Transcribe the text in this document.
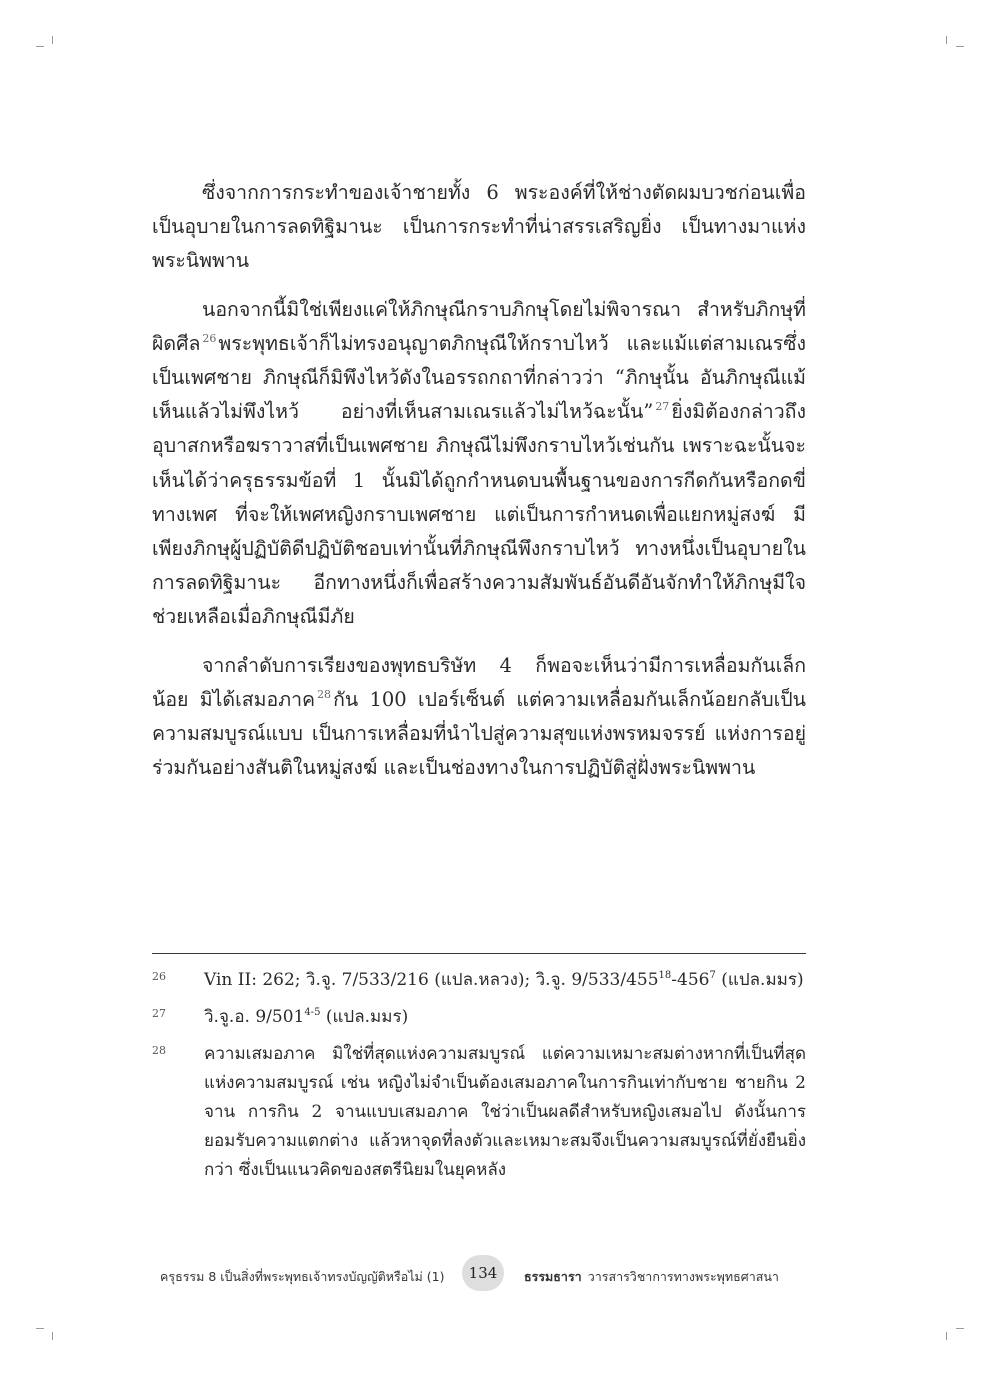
ซึ่งจากการกระทำของเจ้าชายทั้ง 6 พระองค์ที่ให้ช่างตัดผมบวชก่อนเพื่อเป็นอุบายในการลดทิฐิมานะ เป็นการกระทำที่น่าสรรเสริญยิ่ง เป็นทางมาแห่งพระนิพพาน

นอกจากนี้มิใช่เพียงแค่ให้ภิกษุณีกราบภิกษุโดยไม่พิจารณา สำหรับภิกษุที่ผิดศีล $^{26}$ พระพุทธเจ้าก็ไม่ทรงอนุญาตภิกษุณีให้กราบไหว้ และแม้แต่สามเณรซึ่งเป็นเพศชาย ภิกษุณีก็มิพึงไหว้ดังในอรรถกถาที่กล่าวว่า “ภิกษุนั้น อันภิกษุณีแม้เห็นแล้วไม่พึงไหว้ อย่างที่เห็นสามเณรแล้วไม่ไหว้ฉะนั้น” $^{27}$ ยิ่งมิต้องกล่าวถึงอุบาสกหรือฆราวาสที่เป็นเพศชาย ภิกษุณีไม่พึงกราบไหว้เช่นกัน เพราะฉะนั้นจะเห็นได้ว่าครุธรรมข้อที่ 1 นั้นมิได้ถูกกำหนดบนพื้นฐานของการกีดกันหรือกดขี่ทางเพศ ที่จะให้เพศหญิงกราบเพศชาย แต่เป็นการกำหนดเพื่อแยกหมู่สงฆ์ มีเพียงภิกษุผู้ปฏิบัติดีปฏิบัติชอบเท่านั้นที่ภิกษุณีพึงกราบไหว้ ทางหนึ่งเป็นอุบายในการลดทิฐิมานะ อีกทางหนึ่งก็เพื่อสร้างความสัมพันธ์อันดีอันจักทำให้ภิกษุมีใจช่วยเหลือเมื่อภิกษุณีมีภัย

จากลำดับการเรียงของพุทธบริษัท 4 ก็พอจะเห็นว่ามีการเหลื่อมกันเล็กน้อย มิได้เสมอภาค $^{28}$ กัน 100 เปอร์เซ็นต์ แต่ความเหลื่อมกันเล็กน้อยกลับเป็นความสมบูรณ์แบบ เป็นการเหลื่อมที่นำไปสู่ความสุขแห่งพรหมจรรย์ แห่งการอยู่ร่วมกันอย่างสันติในหมู่สงฆ์ และเป็นช่องทางในการปฏิบัติสู่ฝั่งพระนิพพาน

26 Vin II: 262; วิ.จู. 7/533/216 (แปล.หลวง); วิ.จู. $9/533/455^{18}-456^7$ (แปล.มมร)
27 วิ.จู.อ. 9/501$^{4-5}$ (แปล.มมร)
28 ความเสมอภาค มิใช่ที่สุดแห่งความสมบูรณ์ แต่ความเหมาะสมต่างหากที่เป็นที่สุดแห่งความสมบูรณ์ เช่น หญิงไม่จำเป็นต้องเสมอภาคในการกินเท่ากับชาย ชายกิน 2 จาน การกิน 2 จานแบบเสมอภาค ใช่ว่าเป็นผลดีสำหรับหญิงเสมอไป ดังนั้นการยอมรับความแตกต่าง แล้วหาจุดที่ลงตัวและเหมาะสมจึงเป็นความสมบูรณ์ที่ยั่งยืนยิ่งกว่า ซึ่งเป็นแนวคิดของสตรีนิยมในยุคหลัง
ครุธรรม 8 เป็นสิ่งที่พระพุทธเจ้าทรงบัญญัติหรือไม่ (1)	134	ธรรมธารา วารสารวิชาการทางพระพุทธศาสนา
